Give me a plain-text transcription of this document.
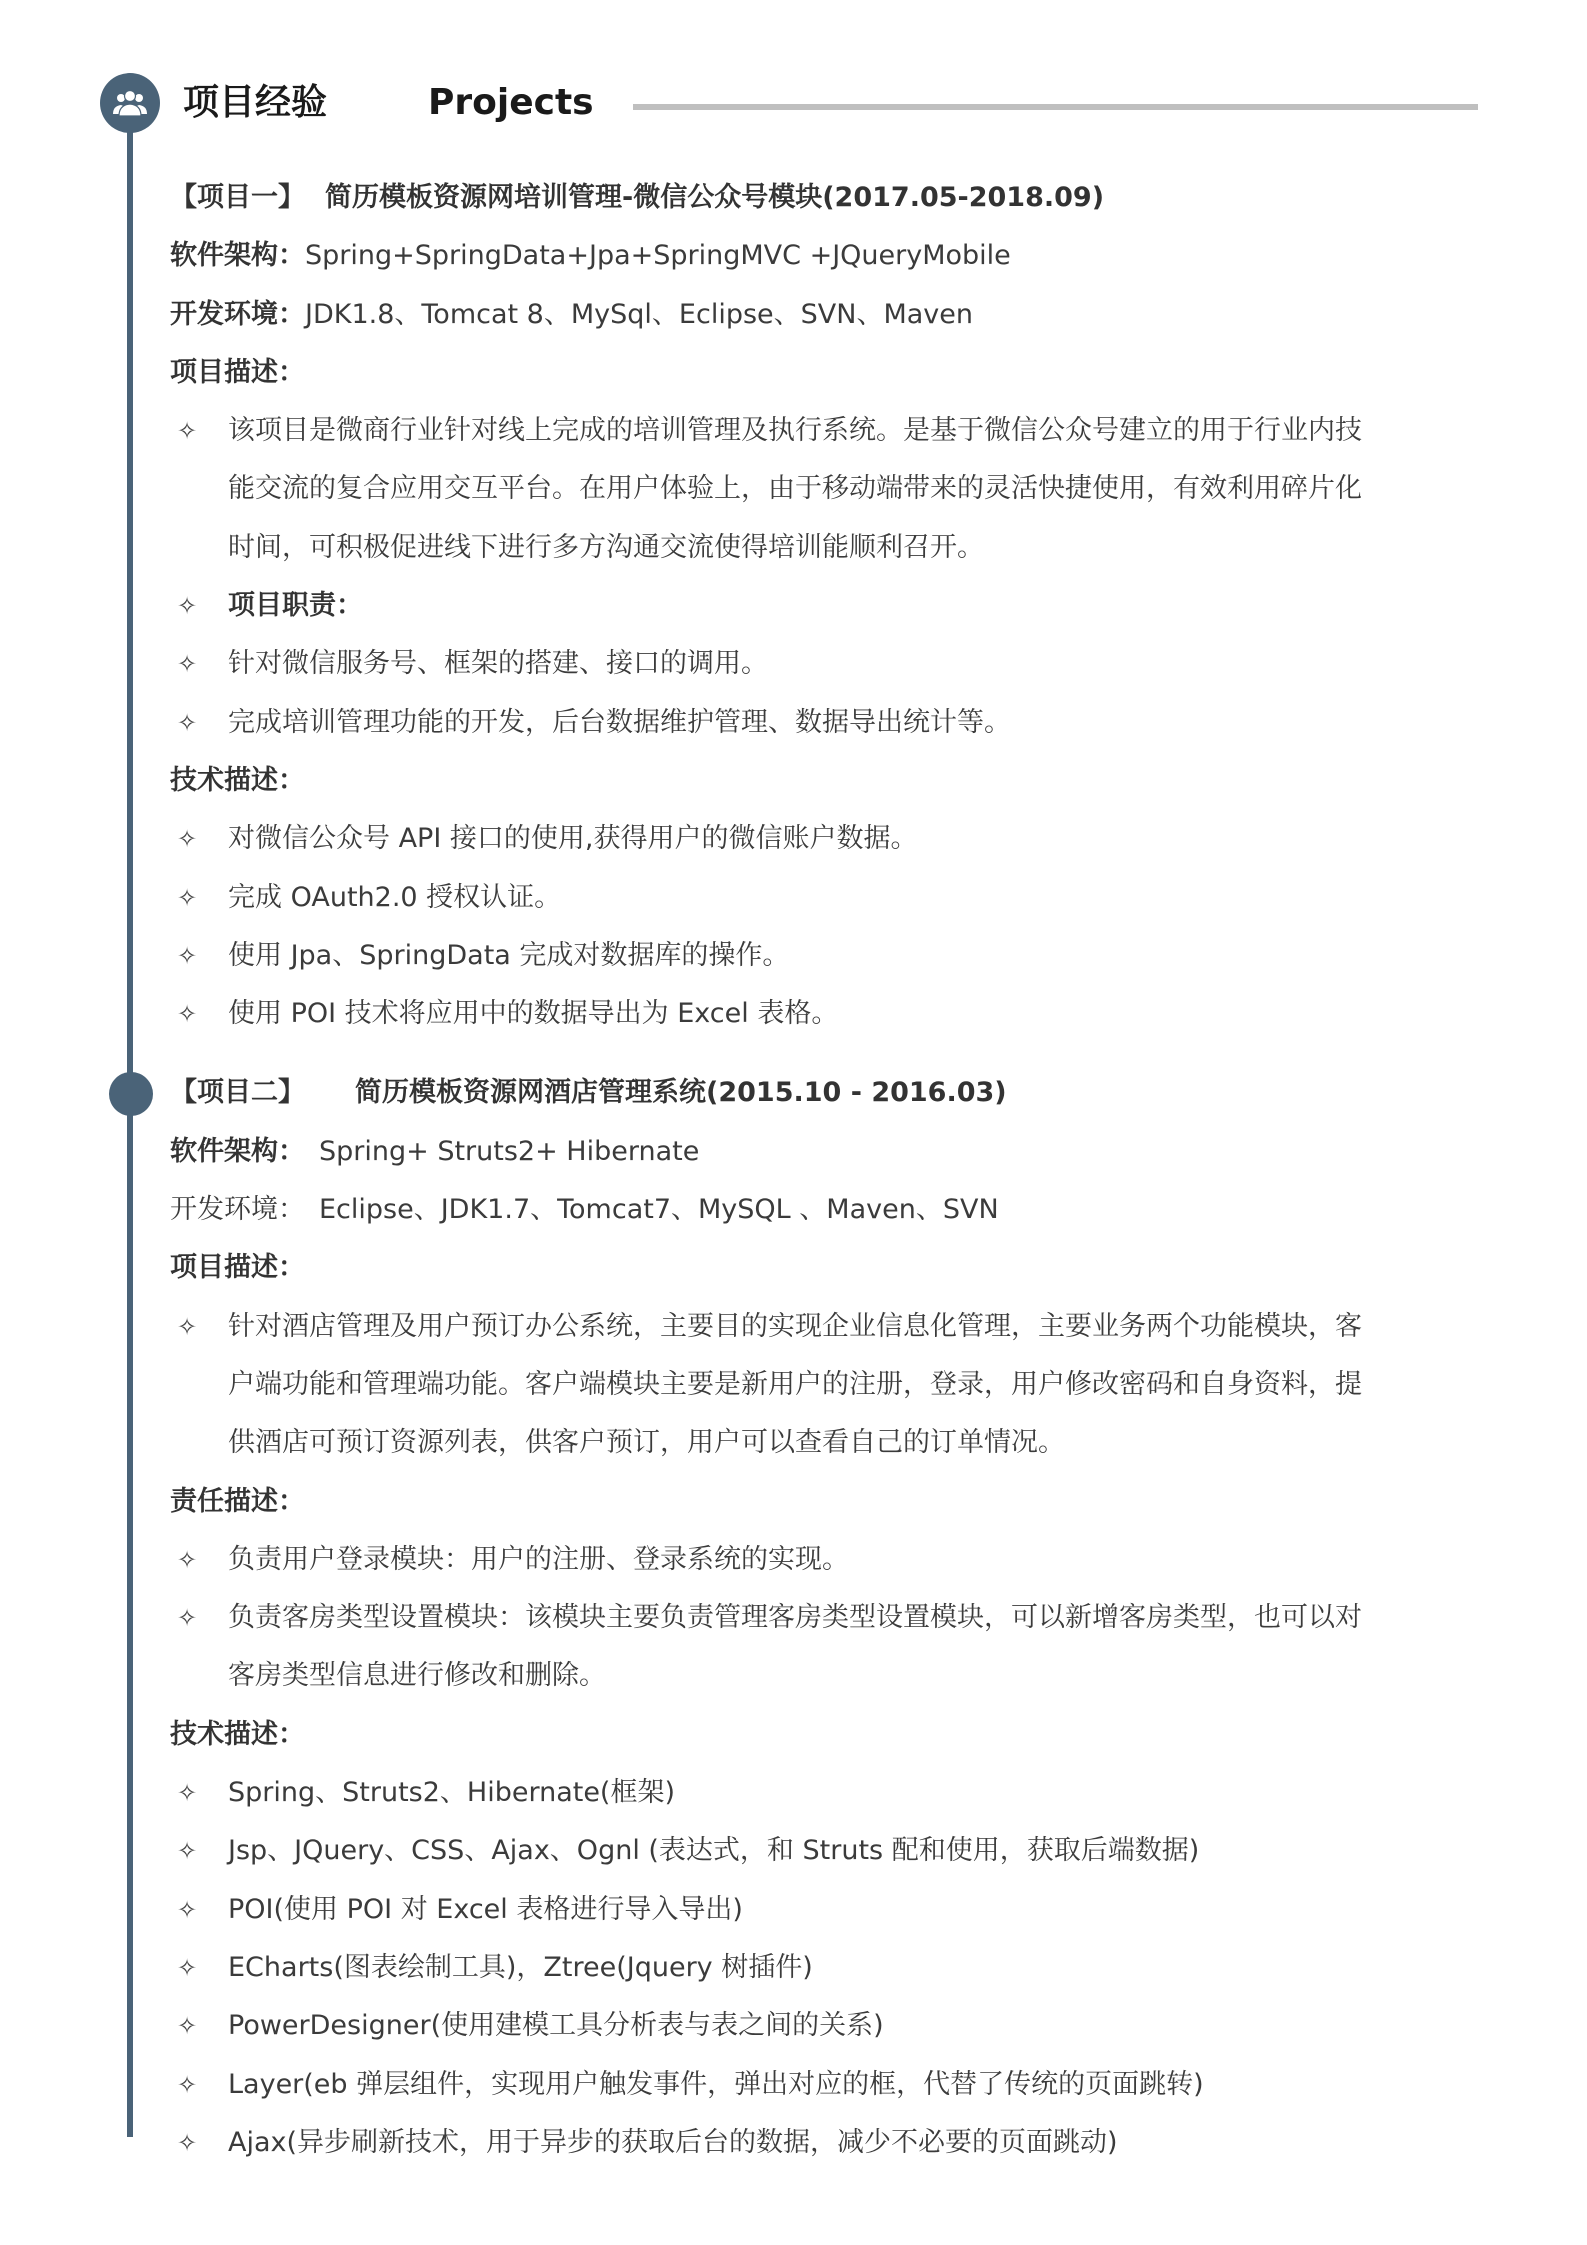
项目经验	Projects
【项目一】 简历模板资源网培训管理-微信公众号模块(2017.05-2018.09)
软件架构：Spring+SpringData+Jpa+SpringMVC +JQueryMobile
开发环境：JDK1.8、Tomcat 8、MySql、Eclipse、SVN、Maven
项目描述：
✧ 该项目是微商行业针对线上完成的培训管理及执行系统。是基于微信公众号建立的用于行业内技
能交流的复合应用交互平台。在用户体验上，由于移动端带来的灵活快捷使用，有效利用碎片化
时间，可积极促进线下进行多方沟通交流使得培训能顺利召开。
✧ 项目职责：
✧ 针对微信服务号、框架的搭建、接口的调用。
✧ 完成培训管理功能的开发，后台数据维护管理、数据导出统计等。
技术描述：
✧ 对微信公众号 API 接口的使用,获得用户的微信账户数据。
✧ 完成 OAuth2.0 授权认证。
✧ 使用 Jpa、SpringData 完成对数据库的操作。
✧ 使用 POI 技术将应用中的数据导出为 Excel 表格。
【项目二】 简历模板资源网酒店管理系统(2015.10 - 2016.03)
软件架构： Spring+ Struts2+ Hibernate
开发环境： Eclipse、JDK1.7、Tomcat7、MySQL 、Maven、SVN
项目描述：
✧ 针对酒店管理及用户预订办公系统，主要目的实现企业信息化管理，主要业务两个功能模块，客
户端功能和管理端功能。客户端模块主要是新用户的注册，登录，用户修改密码和自身资料，提
供酒店可预订资源列表，供客户预订，用户可以查看自己的订单情况。
责任描述：
✧ 负责用户登录模块：用户的注册、登录系统的实现。
✧ 负责客房类型设置模块：该模块主要负责管理客房类型设置模块，可以新增客房类型，也可以对
客房类型信息进行修改和删除。
技术描述：
✧ Spring、Struts2、Hibernate(框架)
✧ Jsp、JQuery、CSS、Ajax、Ognl (表达式，和 Struts 配和使用，获取后端数据)
✧ POI(使用 POI 对 Excel 表格进行导入导出)
✧ ECharts(图表绘制工具)，Ztree(Jquery 树插件)
✧ PowerDesigner(使用建模工具分析表与表之间的关系)
✧ Layer(eb 弹层组件，实现用户触发事件，弹出对应的框，代替了传统的页面跳转)
✧ Ajax(异步刷新技术，用于异步的获取后台的数据，减少不必要的页面跳动)
